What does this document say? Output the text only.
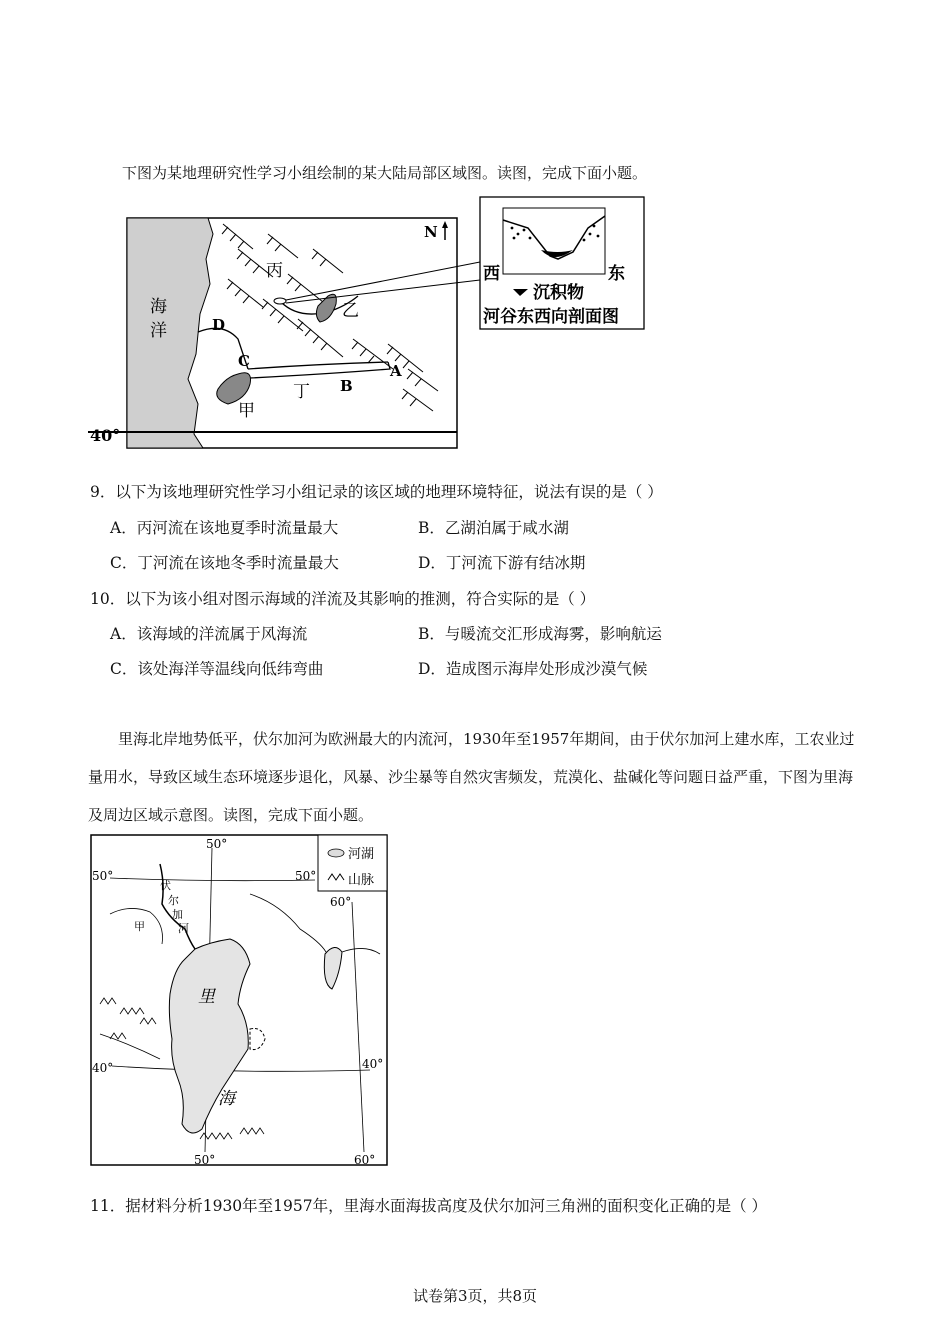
下图为某地理研究性学习小组绘制的某大陆局部区域图。读图，完成下面小题。
海
洋
40°
N
丙
乙
甲
丁
D
C
B
A
西	东
沉积物
河谷东西向剖面图
9．以下为该地理研究性学习小组记录的该区域的地理环境特征，说法有误的是（ ）
A．丙河流在该地夏季时流量最大	B．乙湖泊属于咸水湖
C．丁河流在该地冬季时流量最大	D．丁河流下游有结冰期
10．以下为该小组对图示海域的洋流及其影响的推测，符合实际的是（ ）
A．该海域的洋流属于风海流	B．与暖流交汇形成海雾，影响航运
C．该处海洋等温线向低纬弯曲	D．造成图示海岸处形成沙漠气候
里海北岸地势低平，伏尔加河为欧洲最大的内流河，1930年至1957年期间，由于伏尔加河上建水库，工农业过量用水，导致区域生态环境逐步退化，风暴、沙尘暴等自然灾害频发，荒漠化、盐碱化等问题日益严重，下图为里海及周边区域示意图。读图，完成下面小题。
河湖
山脉
50°
50°	50°
60°
40°	40°
50°	60°
里
海
伏
尔
加
河
甲
11．据材料分析1930年至1957年，里海水面海拔高度及伏尔加河三角洲的面积变化正确的是（ ）
试卷第3页，共8页
